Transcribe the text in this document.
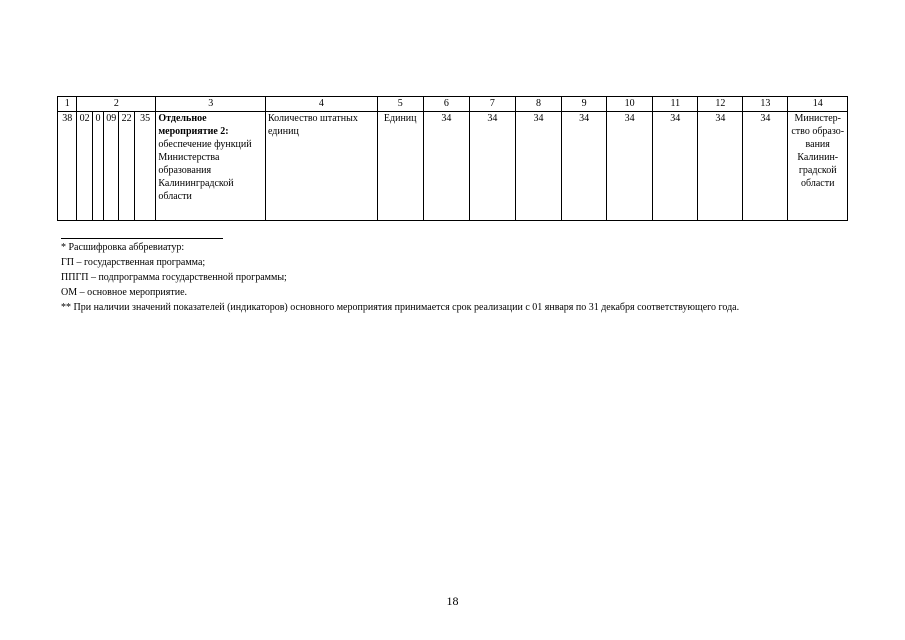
1	2					3	4	5	6	7	8	9	10	11	12	13	14
38	02	0	09	22	35	Отдельное мероприятие 2: обеспечение функций Министерства образования Калининградской области	Количество штатных единиц	Единиц	34	34	34	34	34	34	34	34	Министер-ство образо-вания Калинин-градской области

* Расшифровка аббревиатур:

ГП – государственная программа;

ППГП – подпрограмма государственной программы;

ОМ – основное мероприятие.

** При наличии значений показателей (индикаторов) основного мероприятия принимается срок реализации с 01 января по 31 декабря соответствующего года.

18
